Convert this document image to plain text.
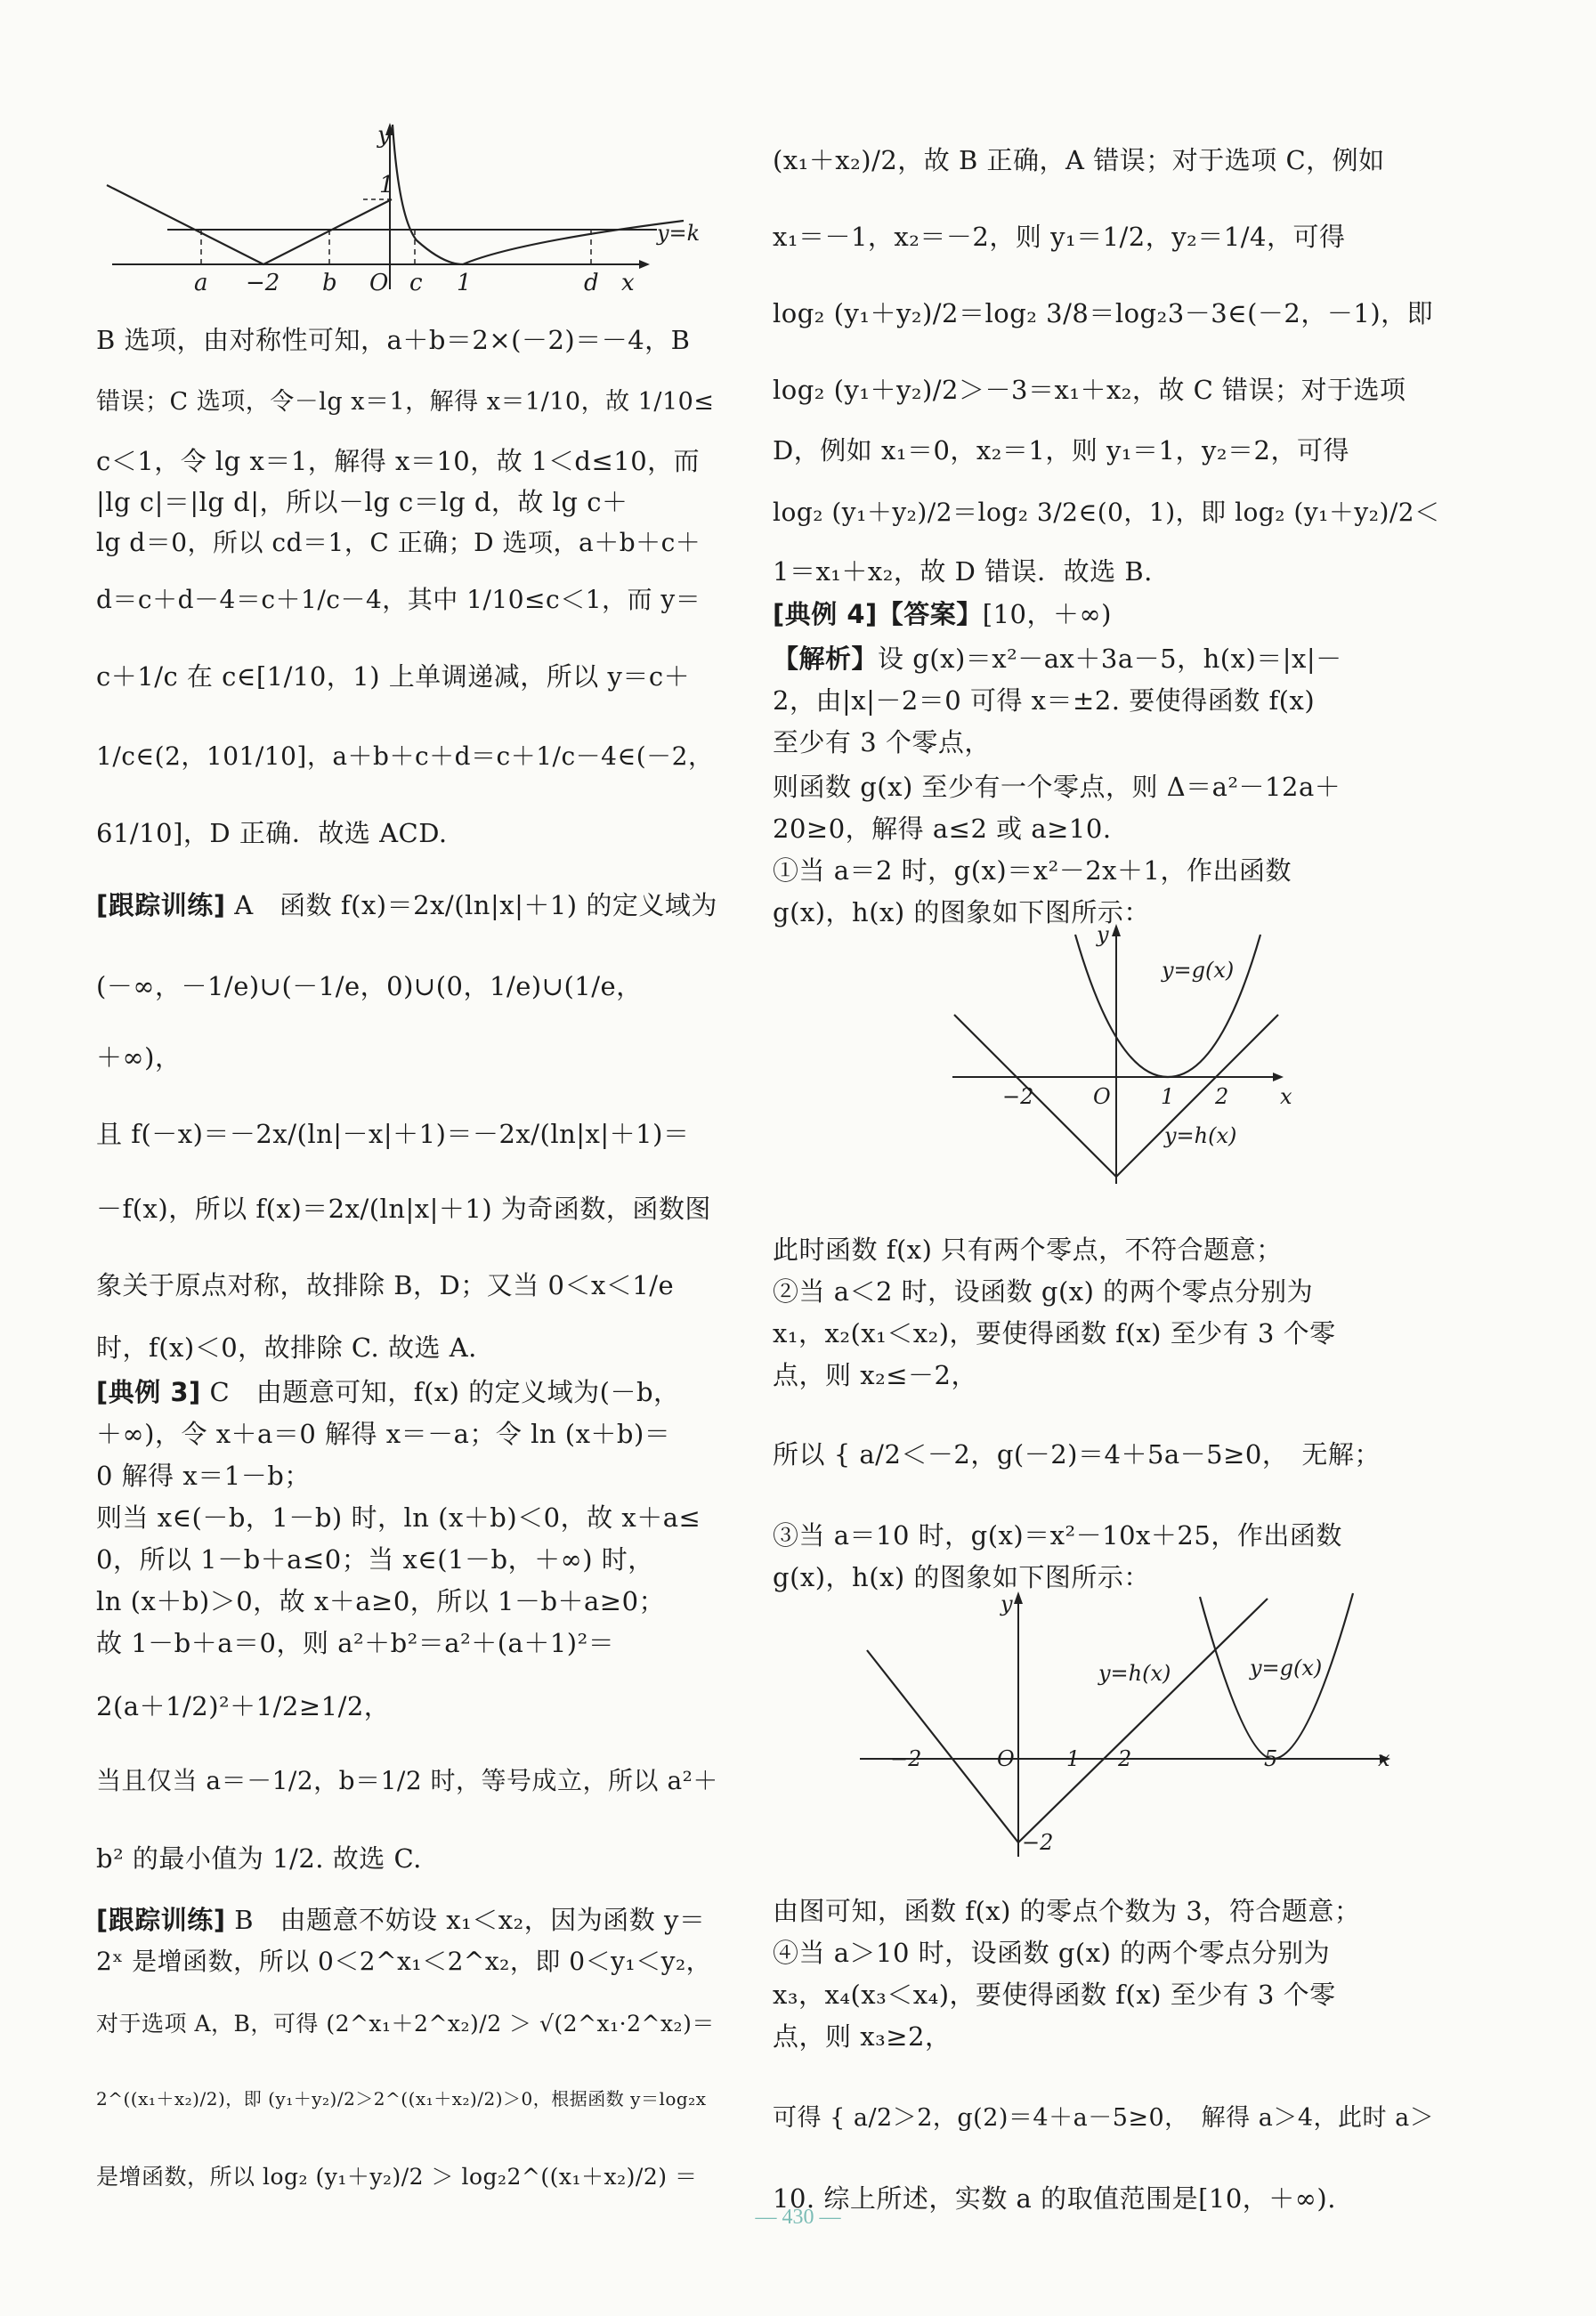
y
1
a −2 b O c 1	d x
y=k
y
y=g(x)
−2	O 1 2 x
y=h(x)
y
y=h(x)	y=g(x)
−2	O 1 2	5	x
−2
B 选项，由对称性可知，a＋b＝2×(－2)＝－4，B
错误；C 选项，令－lg x＝1，解得 x＝1/10，故 1/10≤
c＜1，令 lg x＝1，解得 x＝10，故 1＜d≤10，而
|lg c|＝|lg d|，所以－lg c＝lg d，故 lg c＋
lg d＝0，所以 cd＝1，C 正确；D 选项，a＋b＋c＋
d＝c＋d－4＝c＋1/c－4，其中 1/10≤c＜1，而 y＝
c＋1/c 在 c∈[1/10，1) 上单调递减，所以 y＝c＋
1/c∈(2，101/10]，a＋b＋c＋d＝c＋1/c－4∈(－2，
61/10]，D 正确．故选 ACD.
[跟踪训练] A　函数 f(x)＝2x/(ln|x|＋1) 的定义域为
(－∞，－1/e)∪(－1/e，0)∪(0，1/e)∪(1/e，
＋∞)，
且 f(－x)＝－2x/(ln|－x|＋1)＝－2x/(ln|x|＋1)＝
－f(x)，所以 f(x)＝2x/(ln|x|＋1) 为奇函数，函数图
象关于原点对称，故排除 B，D；又当 0＜x＜1/e
时，f(x)＜0，故排除 C. 故选 A.
[典例 3] C　由题意可知，f(x) 的定义域为(－b，
＋∞)，令 x＋a＝0 解得 x＝－a；令 ln (x＋b)＝
0 解得 x＝1－b；
则当 x∈(－b，1－b) 时，ln (x＋b)＜0，故 x＋a≤
0，所以 1－b＋a≤0；当 x∈(1－b，＋∞) 时，
ln (x＋b)＞0，故 x＋a≥0，所以 1－b＋a≥0；
故 1－b＋a＝0，则 a²＋b²＝a²＋(a＋1)²＝
2(a＋1/2)²＋1/2≥1/2，
当且仅当 a＝－1/2，b＝1/2 时，等号成立，所以 a²＋
b² 的最小值为 1/2. 故选 C.
[跟踪训练] B　由题意不妨设 x₁＜x₂，因为函数 y＝
2ˣ 是增函数，所以 0＜2^x₁＜2^x₂，即 0＜y₁＜y₂，
对于选项 A，B，可得 (2^x₁＋2^x₂)/2 ＞ √(2^x₁·2^x₂)＝
2^((x₁＋x₂)/2)，即 (y₁＋y₂)/2＞2^((x₁＋x₂)/2)＞0，根据函数 y＝log₂x
是增函数，所以 log₂ (y₁＋y₂)/2 ＞ log₂2^((x₁＋x₂)/2) ＝
(x₁＋x₂)/2，故 B 正确，A 错误；对于选项 C，例如
x₁＝－1，x₂＝－2，则 y₁＝1/2，y₂＝1/4，可得
log₂ (y₁＋y₂)/2＝log₂ 3/8＝log₂3－3∈(－2，－1)，即
log₂ (y₁＋y₂)/2＞－3＝x₁＋x₂，故 C 错误；对于选项
D，例如 x₁＝0，x₂＝1，则 y₁＝1，y₂＝2，可得
log₂ (y₁＋y₂)/2＝log₂ 3/2∈(0，1)，即 log₂ (y₁＋y₂)/2＜
1＝x₁＋x₂，故 D 错误．故选 B.
[典例 4]【答案】[10，＋∞)
【解析】设 g(x)＝x²－ax＋3a－5，h(x)＝|x|－
2，由|x|－2＝0 可得 x＝±2. 要使得函数 f(x)
至少有 3 个零点，
则函数 g(x) 至少有一个零点，则 Δ＝a²－12a＋
20≥0，解得 a≤2 或 a≥10.
①当 a＝2 时，g(x)＝x²－2x＋1，作出函数
g(x)，h(x) 的图象如下图所示：
此时函数 f(x) 只有两个零点，不符合题意；
②当 a＜2 时，设函数 g(x) 的两个零点分别为
x₁，x₂(x₁＜x₂)，要使得函数 f(x) 至少有 3 个零
点，则 x₂≤－2，
所以 { a/2＜－2，g(－2)＝4＋5a－5≥0，　无解；
③当 a＝10 时，g(x)＝x²－10x＋25，作出函数
g(x)，h(x) 的图象如下图所示：
由图可知，函数 f(x) 的零点个数为 3，符合题意；
④当 a＞10 时，设函数 g(x) 的两个零点分别为
x₃，x₄(x₃＜x₄)，要使得函数 f(x) 至少有 3 个零
点，则 x₃≥2，
可得 { a/2＞2，g(2)＝4＋a－5≥0，　解得 a＞4，此时 a＞
10. 综上所述，实数 a 的取值范围是[10，＋∞).
— 430 —
